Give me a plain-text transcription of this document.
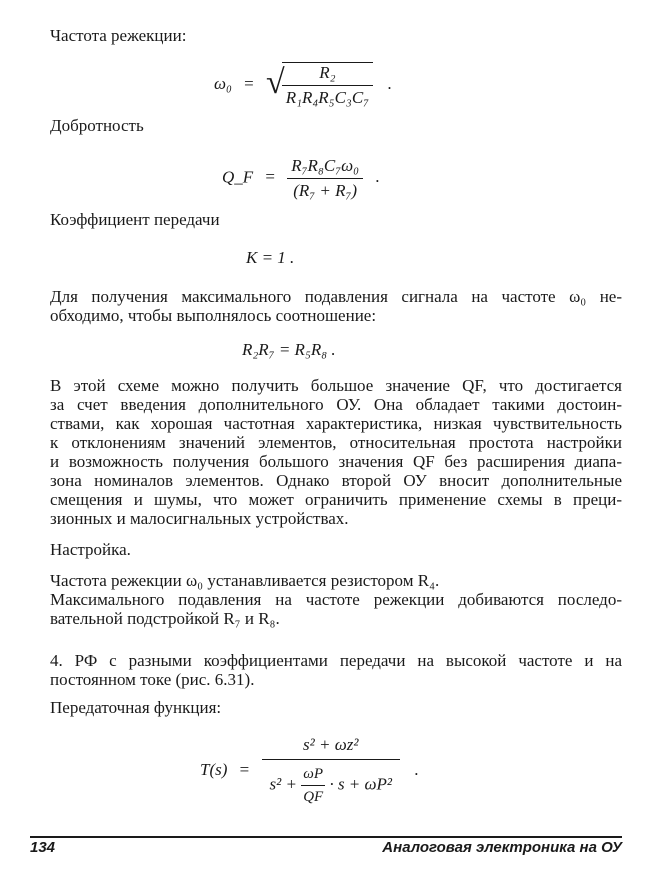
Частота режекции:
ω₀ = √
$\frac{\text{R₂}}{\text{R₁R₄R₅C₃C₇}}$ .
Добротность
Q_F = $\frac{\text{R₇R₈C₇ω₀}}{\text{(R₇ + R₇)}}$ .
Коэффициент передачи
K = 1 .
Для получения максимального подавления сигнала на частоте ω₀ не-
обходимо, чтобы выполнялось соотношение:
R₂R₇ = R₅R₈ .
В этой схеме можно получить большое значение QF, что достигается
за счет введения дополнительного ОУ. Она обладает такими достоин-
ствами, как хорошая частотная характеристика, низкая чувствительность
к отклонениям значений элементов, относительная простота настройки
и возможность получения большого значения QF без расширения диапа-
зона номиналов элементов. Однако второй ОУ вносит дополнительные
смещения и шумы, что может ограничить применение схемы в преци-
зионных и малосигнальных устройствах.
Настройка.
Частота режекции ω₀ устанавливается резистором R₄.
Максимального подавления на частоте режекции добиваются последо-
вательной подстройкой R₇ и R₈.
4. РФ с разными коэффициентами передачи на высокой частоте и на
постоянном токе (рис. 6.31).
Передаточная функция:
$T(s) = \frac{\text{s² + ωz²}}{s^2 + \frac{\omega P}{QF} \cdot s + \omega P^2}$ .
134	Аналоговая электроника на ОУ
